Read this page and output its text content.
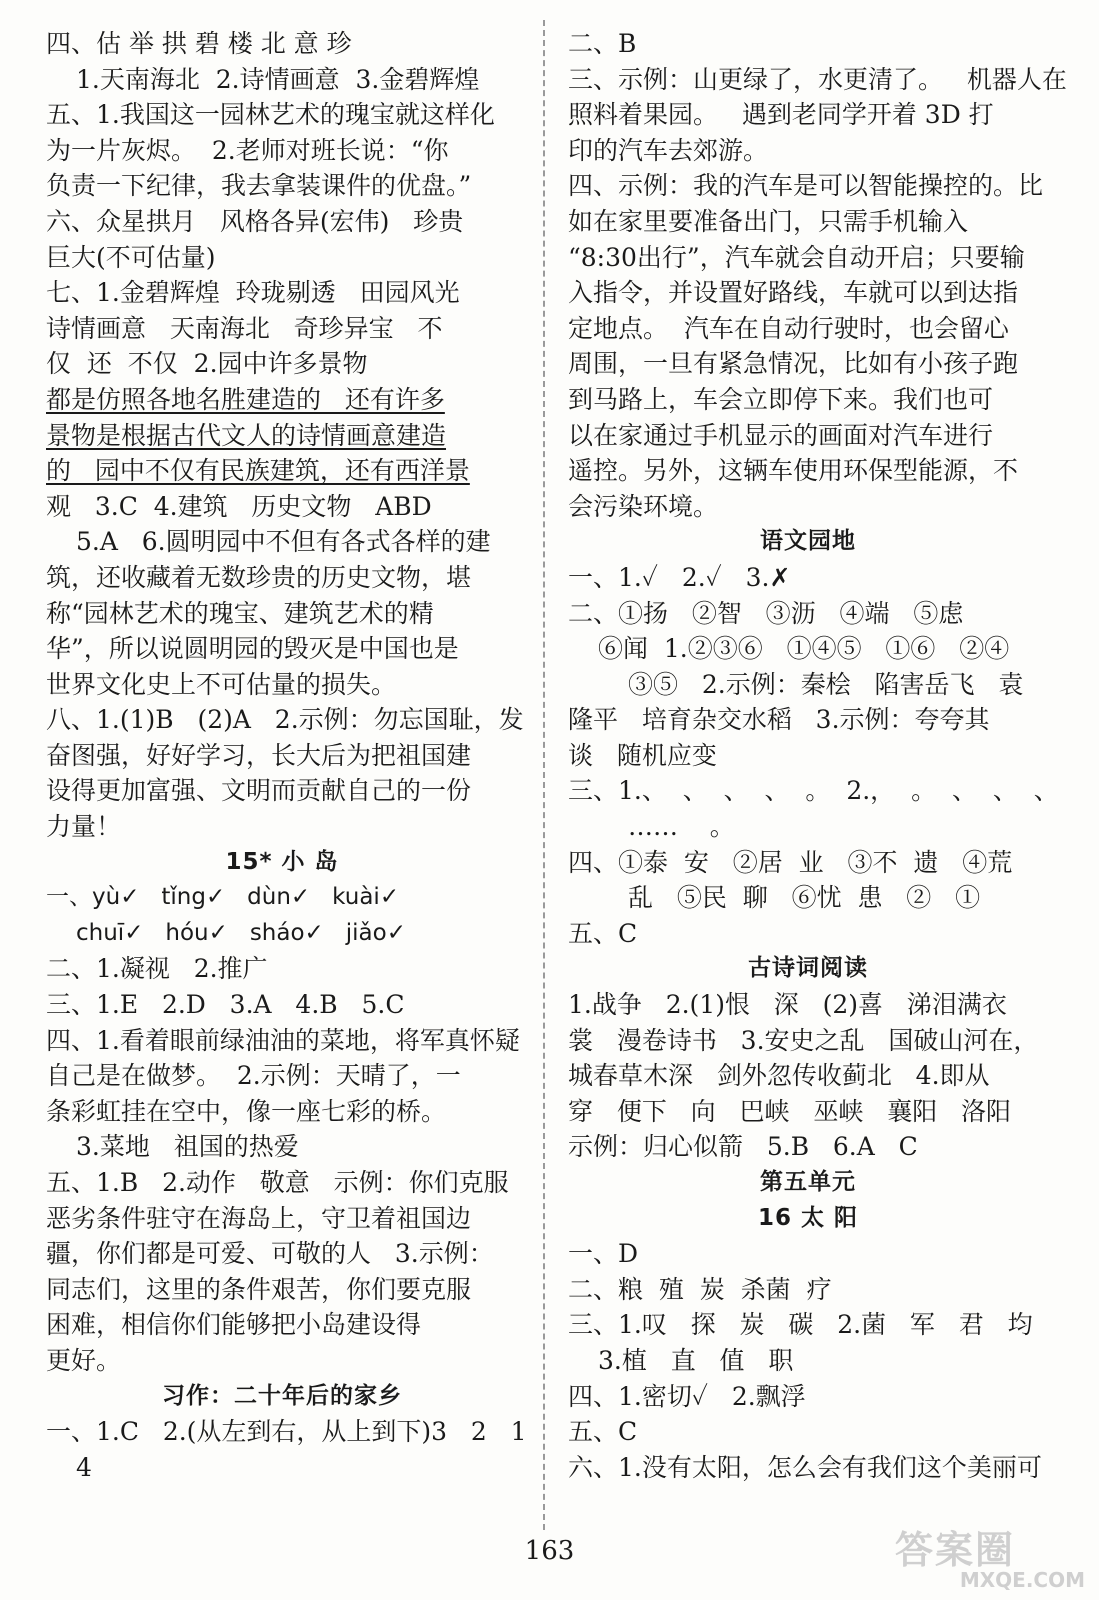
四、估 举 拱 碧 楼 北 意 珍
1.天南海北  2.诗情画意  3.金碧辉煌
五、1.我国这一园林艺术的瑰宝就这样化
为一片灰烬。  2.老师对班长说：“你
负责一下纪律，我去拿装课件的优盘。”
六、众星拱月   风格各异(宏伟)   珍贵
巨大(不可估量)
七、1.金碧辉煌  玲珑剔透   田园风光
诗情画意   天南海北   奇珍异宝   不
仅  还  不仅  2.园中许多景物
都是仿照各地名胜建造的   还有许多
景物是根据古代文人的诗情画意建造
的   园中不仅有民族建筑，还有西洋景
观   3.C  4.建筑   历史文物   ABD
5.A   6.圆明园中不但有各式各样的建
筑，还收藏着无数珍贵的历史文物，堪
称“园林艺术的瑰宝、建筑艺术的精
华”，所以说圆明园的毁灭是中国也是
世界文化史上不可估量的损失。
八、1.(1)B   (2)A   2.示例：勿忘国耻，发
奋图强，好好学习，长大后为把祖国建
设得更加富强、文明而贡献自己的一份
力量！
15* 小 岛
一、yù✓   tǐng✓   dùn✓   kuài✓
chuī✓   hóu✓   sháo✓   jiǎo✓
二、1.凝视   2.推广
三、1.E   2.D   3.A   4.B   5.C
四、1.看着眼前绿油油的菜地，将军真怀疑
自己是在做梦。  2.示例：天晴了，一
条彩虹挂在空中，像一座七彩的桥。
3.菜地   祖国的热爱
五、1.B   2.动作   敬意   示例：你们克服
恶劣条件驻守在海岛上，守卫着祖国边
疆，你们都是可爱、可敬的人   3.示例：
同志们，这里的条件艰苦，你们要克服
困难，相信你们能够把小岛建设得
更好。
习作：二十年后的家乡
一、1.C   2.(从左到右，从上到下)3   2   1
4
二、B
三、示例：山更绿了，水更清了。   机器人在
照料着果园。   遇到老同学开着 3D 打
印的汽车去郊游。
四、示例：我的汽车是可以智能操控的。比
如在家里要准备出门，只需手机输入
“8:30出行”，汽车就会自动开启；只要输
入指令，并设置好路线，车就可以到达指
定地点。  汽车在自动行驶时，也会留心
周围，一旦有紧急情况，比如有小孩子跑
到马路上，车会立即停下来。我们也可
以在家通过手机显示的画面对汽车进行
遥控。另外，这辆车使用环保型能源，不
会污染环境。
语文园地
一、1.✓   2.✓   3.✗
二、①扬   ②智   ③沥   ④端   ⑤虑
⑥闻  1.②③⑥   ①④⑤   ①⑥   ②④
③⑤   2.示例：秦桧   陷害岳飞   袁
隆平   培育杂交水稻   3.示例：夸夸其
谈   随机应变
三、1.、  、  、  、  。  2.，  。  、  、  、
……    。
四、①泰  安   ②居  业   ③不  遗   ④荒
乱   ⑤民  聊   ⑥忧  患   ②   ①
五、C
古诗词阅读
1.战争   2.(1)恨   深   (2)喜   涕泪满衣
裳   漫卷诗书   3.安史之乱   国破山河在，
城春草木深   剑外忽传收蓟北   4.即从
穿   便下   向   巴峡   巫峡   襄阳   洛阳
示例：归心似箭   5.B   6.A   C
第五单元
16 太 阳
一、D
二、粮  殖  炭  杀菌  疗
三、1.叹   探   炭   碳   2.菌   军   君   均
3.植   直   值   职
四、1.密切✓   2.飘浮
五、C
六、1.没有太阳，怎么会有我们这个美丽可
163	答案圈
MXQE.COM
